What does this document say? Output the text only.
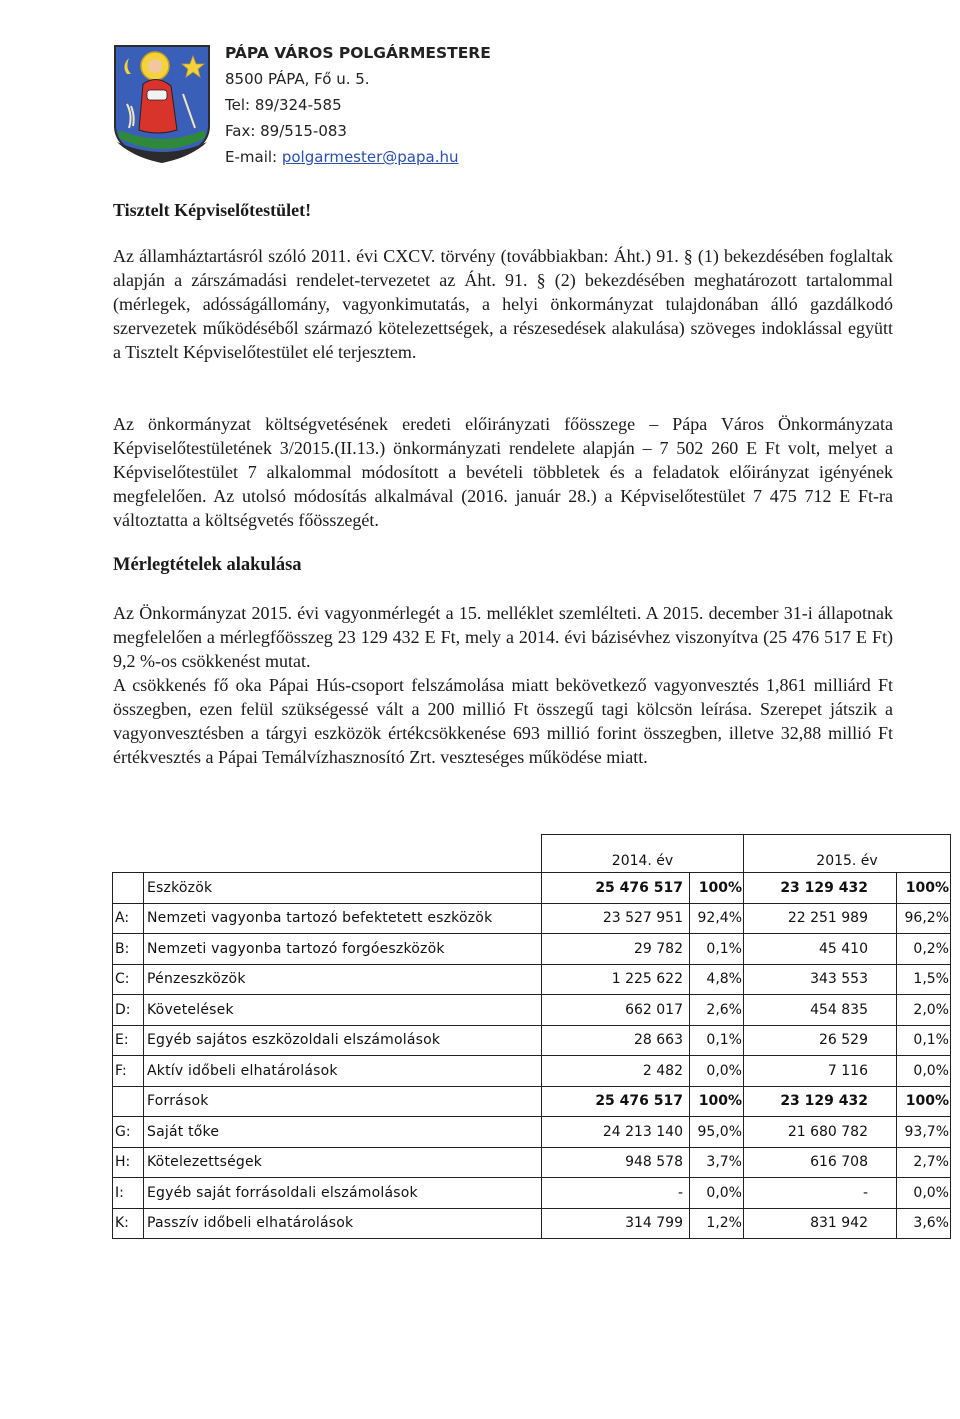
PÁPA VÁROS POLGÁRMESTERE
8500 PÁPA, Fő u. 5.
Tel: 89/324-585
Fax: 89/515-083
E-mail: polgarmester@papa.hu
Tisztelt Képviselőtestület!

Az államháztartásról szóló 2011. évi CXCV. törvény (továbbiakban: Áht.) 91. § (1) bekezdésében foglaltak alapján a zárszámadási rendelet-tervezetet az Áht. 91. § (2) bekezdésében meghatározott tartalommal (mérlegek, adósságállomány, vagyonkimutatás, a helyi önkormányzat tulajdonában álló gazdálkodó szervezetek működéséből származó kötelezettségek, a részesedések alakulása) szöveges indoklással együtt a Tisztelt Képviselőtestület elé terjesztem.

Az önkormányzat költségvetésének eredeti előirányzati főösszege – Pápa Város Önkormányzata Képviselőtestületének 3/2015.(II.13.) önkormányzati rendelete alapján – 7 502 260 E Ft volt, melyet a Képviselőtestület 7 alkalommal módosított a bevételi többletek és a feladatok előirányzat igényének megfelelően. Az utolsó módosítás alkalmával (2016. január 28.) a Képviselőtestület 7 475 712 E Ft-ra változtatta a költségvetés főösszegét.

Mérlegtételek alakulása
Az Önkormányzat 2015. évi vagyonmérlegét a 15. melléklet szemlélteti. A 2015. december 31-i állapotnak megfelelően a mérlegfőösszeg 23 129 432 E Ft, mely a 2014. évi bázisévhez viszonyítva (25 476 517 E Ft) 9,2 %-os csökkenést mutat.
A csökkenés fő oka Pápai Hús-csoport felszámolása miatt bekövetkező vagyonvesztés 1,861 milliárd Ft összegben, ezen felül szükségessé vált a 200 millió Ft összegű tagi kölcsön leírása. Szerepet játszik a vagyonvesztésben a tárgyi eszközök értékcsökkenése 693 millió forint összegben, illetve 32,88 millió Ft értékvesztés a Pápai Temálvízhasznosító Zrt. veszteséges működése miatt.
		2014. év		2015. év	
	Eszközök	25 476 517	100%	23 129 432	100%
A:	Nemzeti vagyonba tartozó befektetett eszközök	23 527 951	92,4%	22 251 989	96,2%
B:	Nemzeti vagyonba tartozó forgóeszközök	29 782	0,1%	45 410	0,2%
C:	Pénzeszközök	1 225 622	4,8%	343 553	1,5%
D:	Követelések	662 017	2,6%	454 835	2,0%
E:	Egyéb sajátos eszközoldali elszámolások	28 663	0,1%	26 529	0,1%
F:	Aktív időbeli elhatárolások	2 482	0,0%	7 116	0,0%
	Források	25 476 517	100%	23 129 432	100%
G:	Saját tőke	24 213 140	95,0%	21 680 782	93,7%
H:	Kötelezettségek	948 578	3,7%	616 708	2,7%
I:	Egyéb saját forrásoldali elszámolások	-	0,0%	-	0,0%
K:	Passzív időbeli elhatárolások	314 799	1,2%	831 942	3,6%
